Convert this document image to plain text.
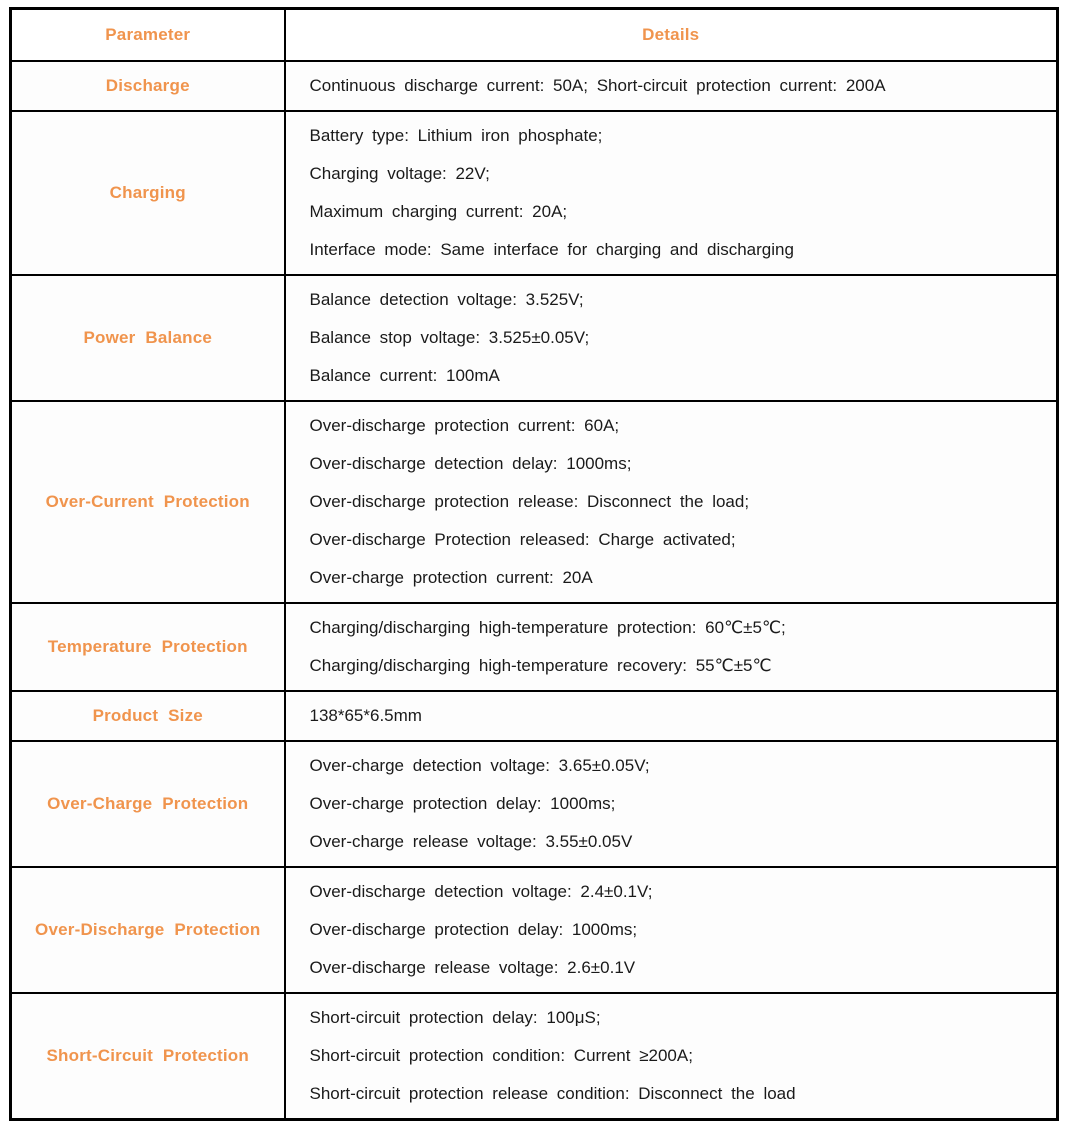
Parameter	Details
Discharge	Continuous discharge current: 50A; Short-circuit protection current: 200A

Charging	Battery type: Lithium iron phosphate;
Charging voltage: 22V;
Maximum charging current: 20A;
Interface mode: Same interface for charging and discharging

Power Balance	Balance detection voltage: 3.525V;
Balance stop voltage: 3.525±0.05V;
Balance current: 100mA

Over-Current Protection	Over-discharge protection current: 60A;
Over-discharge detection delay: 1000ms;
Over-discharge protection release: Disconnect the load;
Over-discharge Protection released: Charge activated;
Over-charge protection current: 20A

Temperature Protection	Charging/discharging high-temperature protection: 60℃±5℃;
Charging/discharging high-temperature recovery: 55℃±5℃

Product Size	138*65*6.5mm

Over-Charge Protection	Over-charge detection voltage: 3.65±0.05V;
Over-charge protection delay: 1000ms;
Over-charge release voltage: 3.55±0.05V

Over-Discharge Protection	Over-discharge detection voltage: 2.4±0.1V;
Over-discharge protection delay: 1000ms;
Over-discharge release voltage: 2.6±0.1V

Short-Circuit Protection	Short-circuit protection delay: 100μS;
Short-circuit protection condition: Current ≥200A;
Short-circuit protection release condition: Disconnect the load
